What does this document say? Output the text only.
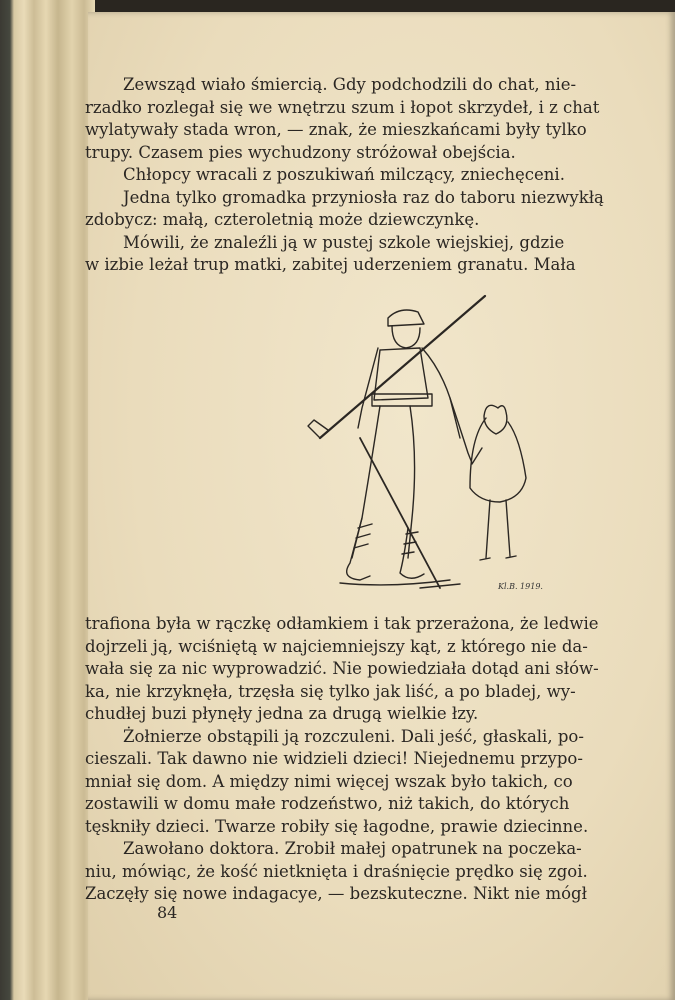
Zewsząd wiało śmiercią. Gdy podchodzili do chat, nie-
rzadko rozlegał się we wnętrzu szum i łopot skrzydeł, i z chat
wylatywały stada wron, — znak, że mieszkańcami były tylko
trupy. Czasem pies wychudzony stróżował obejścia.
Chłopcy wracali z poszukiwań milczący, zniechęceni.
Jedna tylko gromadka przyniosła raz do taboru niezwykłą
zdobycz: małą, czteroletnią może dziewczynkę.
Mówili, że znaleźli ją w pustej szkole wiejskiej, gdzie
w izbie leżał trup matki, zabitej uderzeniem granatu. Mała
Kl.B. 1919.
trafiona była w rączkę odłamkiem i tak przerażona, że ledwie
dojrzeli ją, wciśniętą w najciemniejszy kąt, z którego nie da-
wała się za nic wyprowadzić. Nie powiedziała dotąd ani słów-
ka, nie krzyknęła, trzęsła się tylko jak liść, a po bladej, wy-
chudłej buzi płynęły jedna za drugą wielkie łzy.
Żołnierze obstąpili ją rozczuleni. Dali jeść, głaskali, po-
cieszali. Tak dawno nie widzieli dzieci! Niejednemu przypo-
mniał się dom. A między nimi więcej wszak było takich, co
zostawili w domu małe rodzeństwo, niż takich, do których
tęskniły dzieci. Twarze robiły się łagodne, prawie dziecinne.
Zawołano doktora. Zrobił małej opatrunek na poczeka-
niu, mówiąc, że kość nietknięta i draśnięcie prędko się zgoi.
Zaczęły się nowe indagacye, — bezskuteczne. Nikt nie mógł
84
